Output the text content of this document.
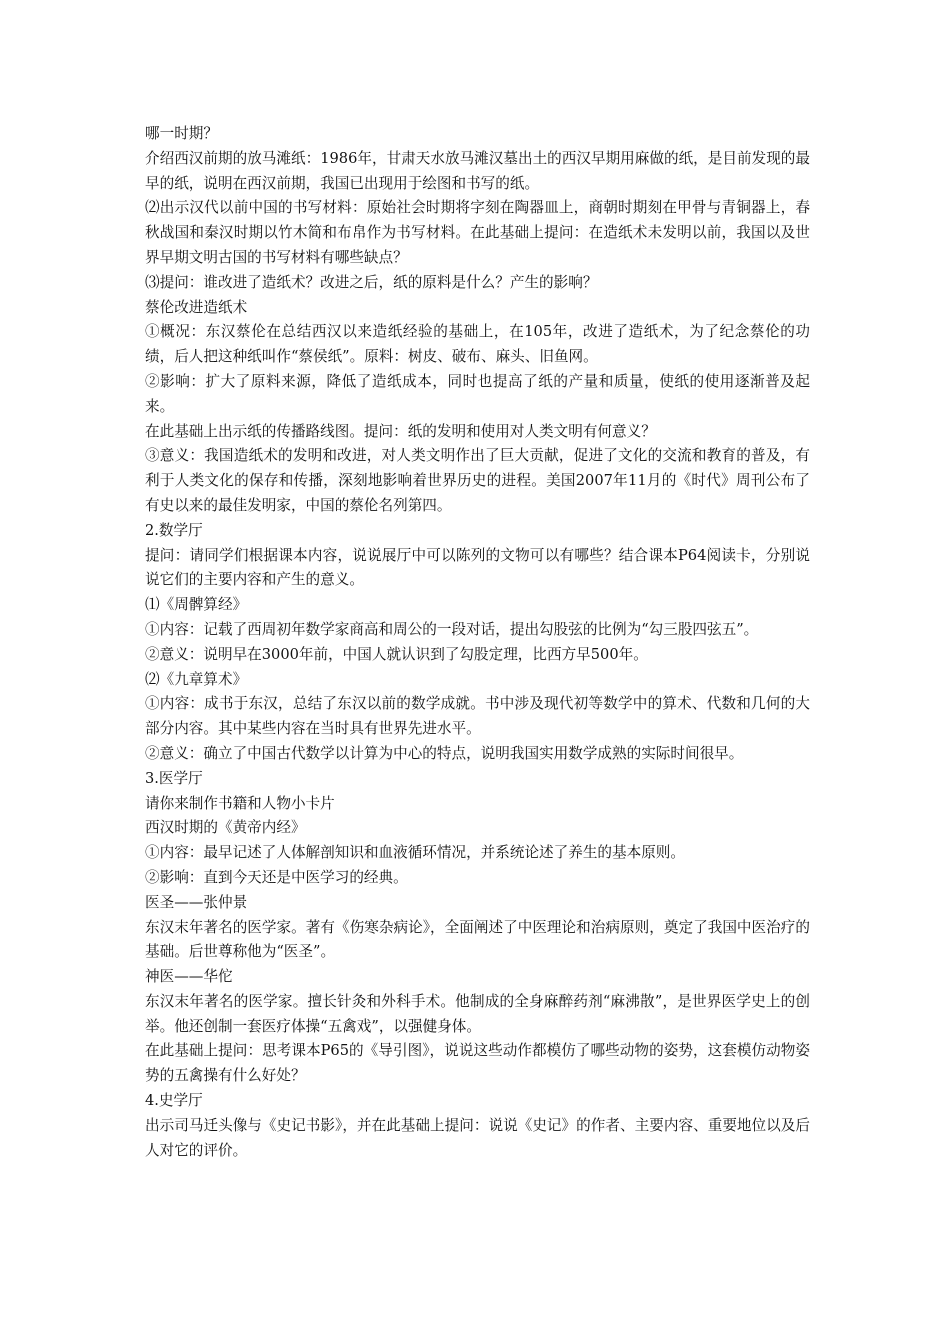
哪一时期？

介绍西汉前期的放马滩纸：1986年，甘肃天水放马滩汉墓出土的西汉早期用麻做的纸，是目前发现的最早的纸，说明在西汉前期，我国已出现用于绘图和书写的纸。

⑵出示汉代以前中国的书写材料：原始社会时期将字刻在陶器皿上，商朝时期刻在甲骨与青铜器上，春秋战国和秦汉时期以竹木简和布帛作为书写材料。在此基础上提问：在造纸术未发明以前，我国以及世界早期文明古国的书写材料有哪些缺点？

⑶提问：谁改进了造纸术？改进之后，纸的原料是什么？产生的影响？

蔡伦改进造纸术

①概况：东汉蔡伦在总结西汉以来造纸经验的基础上，在105年，改进了造纸术，为了纪念蔡伦的功绩，后人把这种纸叫作“蔡侯纸”。原料：树皮、破布、麻头、旧鱼网。

②影响：扩大了原料来源，降低了造纸成本，同时也提高了纸的产量和质量，使纸的使用逐渐普及起来。

在此基础上出示纸的传播路线图。提问：纸的发明和使用对人类文明有何意义？

③意义：我国造纸术的发明和改进，对人类文明作出了巨大贡献，促进了文化的交流和教育的普及，有利于人类文化的保存和传播，深刻地影响着世界历史的进程。美国2007年11月的《时代》周刊公布了有史以来的最佳发明家，中国的蔡伦名列第四。

2.数学厅

提问：请同学们根据课本内容，说说展厅中可以陈列的文物可以有哪些？结合课本P64阅读卡，分别说说它们的主要内容和产生的意义。

⑴《周髀算经》

①内容：记载了西周初年数学家商高和周公的一段对话，提出勾股弦的比例为“勾三股四弦五”。

②意义：说明早在3000年前，中国人就认识到了勾股定理，比西方早500年。

⑵《九章算术》

①内容：成书于东汉，总结了东汉以前的数学成就。书中涉及现代初等数学中的算术、代数和几何的大部分内容。其中某些内容在当时具有世界先进水平。

②意义：确立了中国古代数学以计算为中心的特点，说明我国实用数学成熟的实际时间很早。

3.医学厅

请你来制作书籍和人物小卡片

西汉时期的《黄帝内经》

①内容：最早记述了人体解剖知识和血液循环情况，并系统论述了养生的基本原则。

②影响：直到今天还是中医学习的经典。

医圣——张仲景

东汉末年著名的医学家。著有《伤寒杂病论》，全面阐述了中医理论和治病原则，奠定了我国中医治疗的基础。后世尊称他为“医圣”。

神医——华佗

东汉末年著名的医学家。擅长针灸和外科手术。他制成的全身麻醉药剂“麻沸散”，是世界医学史上的创举。他还创制一套医疗体操“五禽戏”，以强健身体。

在此基础上提问：思考课本P65的《导引图》，说说这些动作都模仿了哪些动物的姿势，这套模仿动物姿势的五禽操有什么好处？

4.史学厅

出示司马迁头像与《史记书影》，并在此基础上提问：说说《史记》的作者、主要内容、重要地位以及后人对它的评价。
